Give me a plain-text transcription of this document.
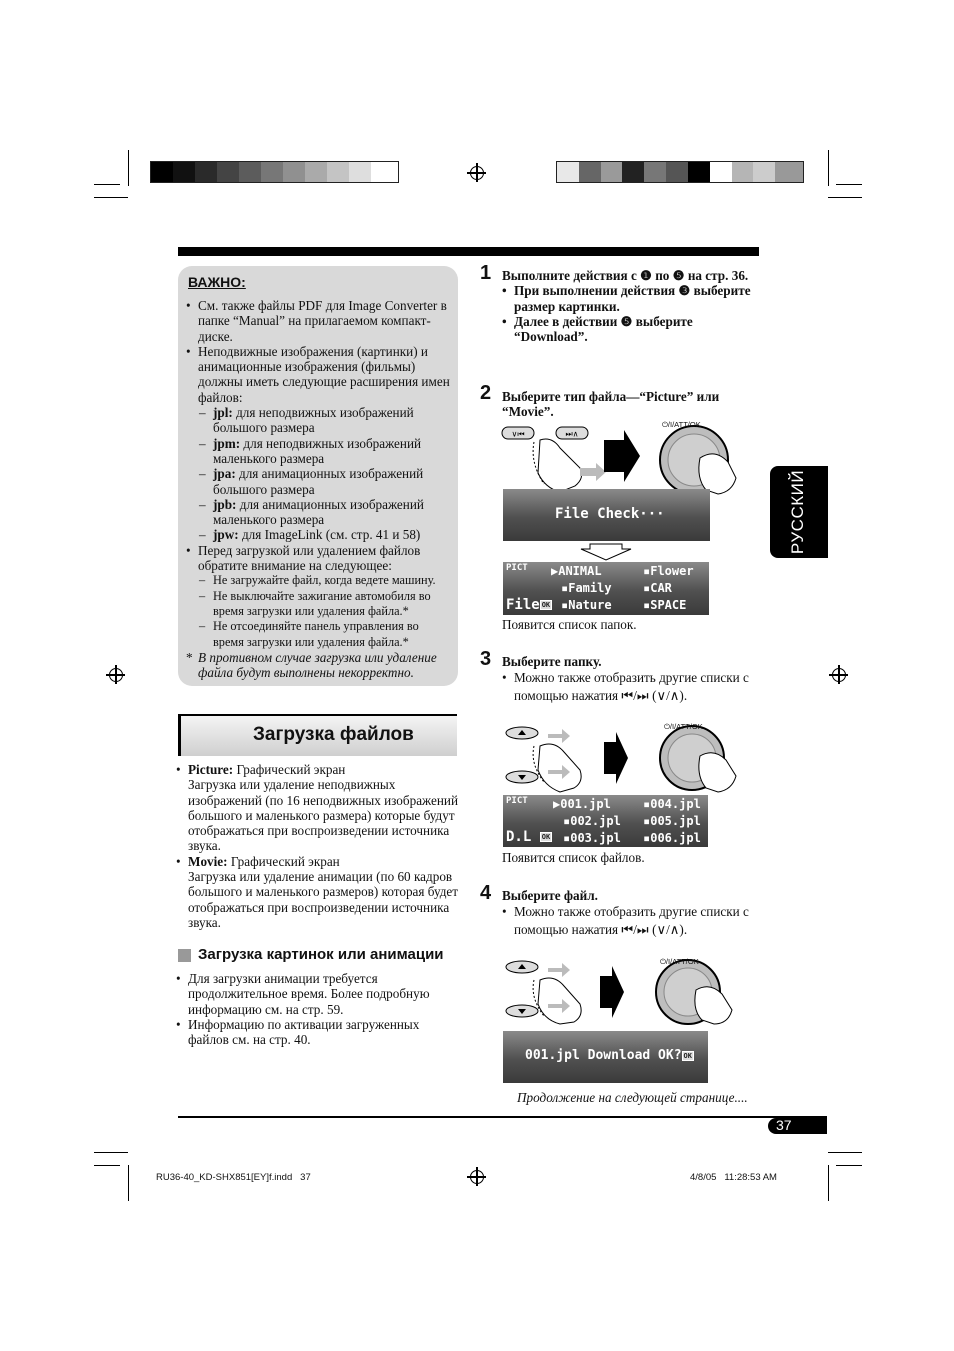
ВАЖНО:
• См. также файлы PDF для Image Converter в папке “Manual” на прилагаемом компакт-диске.
• Неподвижные изображения (картинки) и анимационные изображения (фильмы) должны иметь следующие расширения имен файлов:
– jpl: для неподвижных изображений большого размера
– jpm: для неподвижных изображений маленького размера
– jpa: для анимационных изображений большого размера
– jpb: для анимационных изображений маленького размера
– jpw: для ImageLink (см. стр. 41 и 58)
• Перед загрузкой или удалением файлов обратите внимание на следующее:
– Не загружайте файл, когда ведете машину.
– Не выключайте зажигание автомобиля во время загрузки или удаления файла.*
– Не отсоединяйте панель управления во время загрузки или удаления файла.*
* В противном случае загрузка или удаление файла будут выполнены некорректно.
Загрузка файлов
• Picture: Графический экран
Загрузка или удаление неподвижных изображений (по 16 неподвижных изображений большого и маленького размера) которые будут отображаться при воспроизведении источника звука.
• Movie: Графический экран
Загрузка или удаление анимации (по 60 кадров большого и маленького размеров) которая будет отображаться при воспроизведении источника звука.
Загрузка картинок или анимации
• Для загрузки анимации требуется продолжительное время. Более подробную информацию см. на стр. 59.
• Информацию по активации загруженных файлов см. на стр. 40.
1 Выполните действия с ❶ по ❺ на стр. 36.
• При выполнении действия ❸ выберите размер картинки.
• Далее в действии ❺ выберите “Download”.
2 Выберите тип файла—“Picture” или “Movie”.
∨⏮	⏭∧
⏻/I/ATT/OK
File Check···
PICT
File OK
▶ANIMAL
▪Family
▪Nature
▪Flower
▪CAR
▪SPACE
Появится список папок.
3 Выберите папку.
• Можно также отобразить другие списки с помощью нажатия ⏮/⏭ (∨/∧).
⏻/I/ATT/OK
PICT
D.L OK
▶001.jpl
▪002.jpl
▪003.jpl
▪004.jpl
▪005.jpl
▪006.jpl
Появится список файлов.
4 Выберите файл.
• Можно также отобразить другие списки с помощью нажатия ⏮/⏭ (∨/∧).
⏻/I/ATT/OK
001.jpl Download OK? OK
Продолжение на следующей странице....
37
РУССКИЙ
RU36-40_KD-SHX851[EY]f.indd   37	4/8/05   11:28:53 AM
